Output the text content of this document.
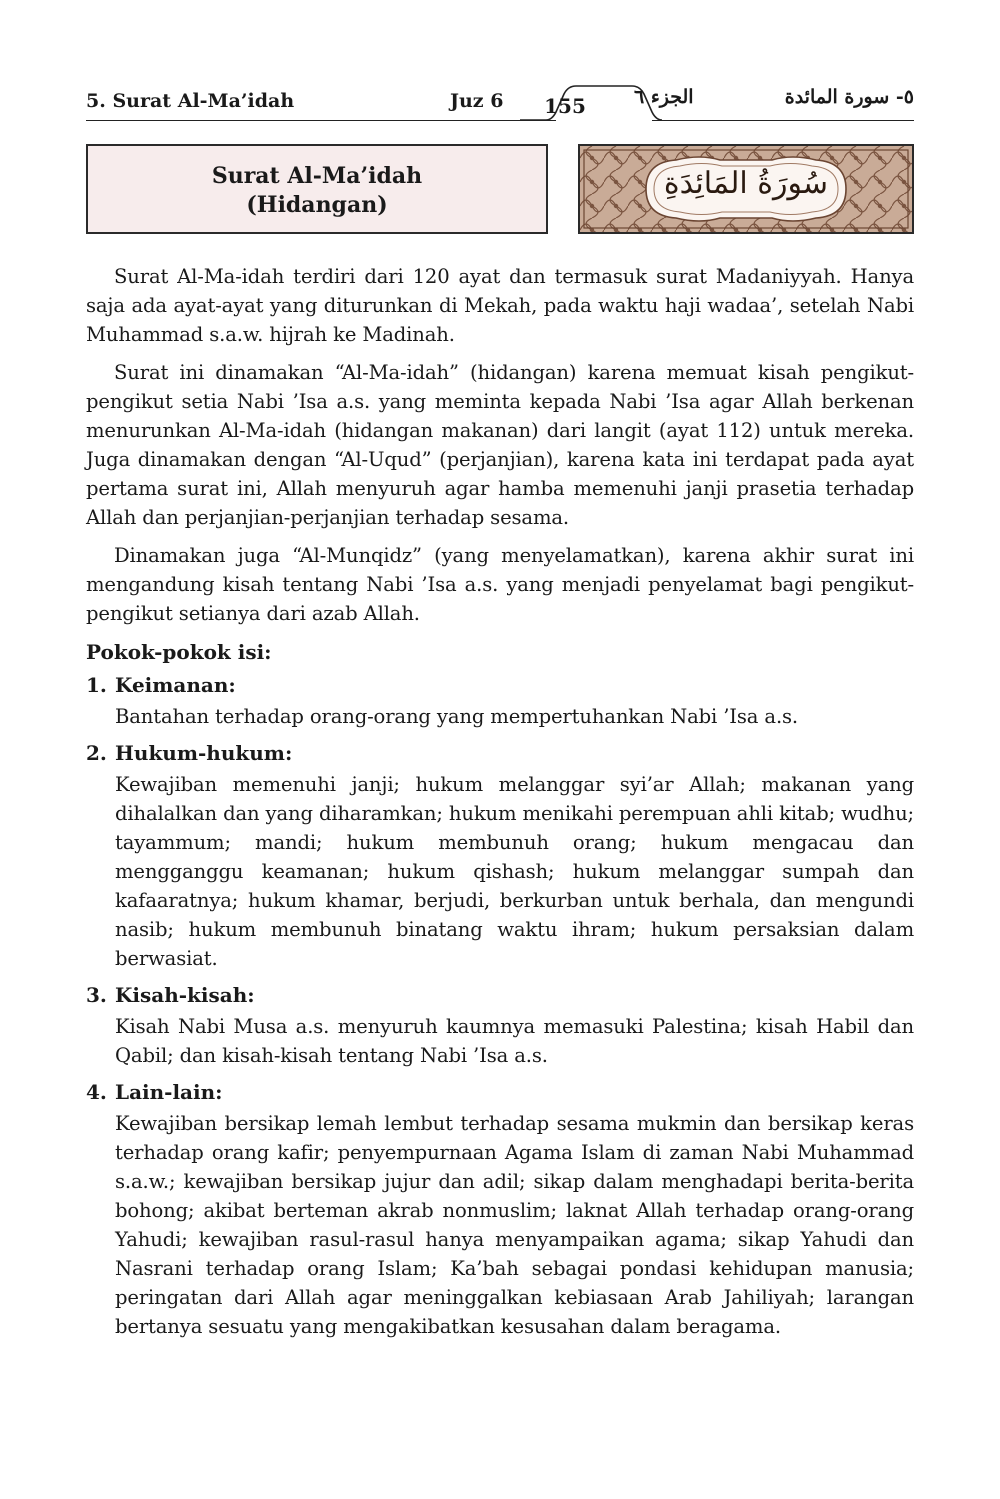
5. Surat Al-Ma’idah	Juz 6 155	الجزء ٦	٥- سورة المائدة
Surat Al-Ma’idah
(Hidangan)
سُورَةُ المَائِدَةِ

Surat Al-Ma-idah terdiri dari 120 ayat dan termasuk surat Madaniyyah. Hanya saja ada ayat-ayat yang diturunkan di Mekah, pada waktu haji wadaa’, setelah Nabi Muhammad s.a.w. hijrah ke Madinah.

Surat ini dinamakan “Al-Ma-idah” (hidangan) karena memuat kisah pengikut-pengikut setia Nabi ’Isa a.s. yang meminta kepada Nabi ’Isa agar Allah berkenan menurunkan Al-Ma-idah (hidangan makanan) dari langit (ayat 112) untuk mereka. Juga dinamakan dengan “Al-Uqud” (perjanjian), karena kata ini terdapat pada ayat pertama surat ini, Allah menyuruh agar hamba memenuhi janji prasetia terhadap Allah dan perjanjian-perjanjian terhadap sesama.

Dinamakan juga “Al-Munqidz” (yang menyelamatkan), karena akhir surat ini mengandung kisah tentang Nabi ’Isa a.s. yang menjadi penyelamat bagi pengikut-pengikut setianya dari azab Allah.

Pokok-pokok isi:
1. Keimanan:
Bantahan terhadap orang-orang yang mempertuhankan Nabi ’Isa a.s.
2. Hukum-hukum:
Kewajiban memenuhi janji; hukum melanggar syi’ar Allah; makanan yang dihalalkan dan yang diharamkan; hukum menikahi perempuan ahli kitab; wudhu; tayammum; mandi; hukum membunuh orang; hukum mengacau dan mengganggu keamanan; hukum qishash; hukum melanggar sumpah dan kafaaratnya; hukum khamar, berjudi, berkurban untuk berhala, dan mengundi nasib; hukum membunuh binatang waktu ihram; hukum persaksian dalam berwasiat.
3. Kisah-kisah:
Kisah Nabi Musa a.s. menyuruh kaumnya memasuki Palestina; kisah Habil dan Qabil; dan kisah-kisah tentang Nabi ’Isa a.s.
4. Lain-lain:
Kewajiban bersikap lemah lembut terhadap sesama mukmin dan bersikap keras terhadap orang kafir; penyempurnaan Agama Islam di zaman Nabi Muhammad s.a.w.; kewajiban bersikap jujur dan adil; sikap dalam menghadapi berita-berita bohong; akibat berteman akrab nonmuslim; laknat Allah terhadap orang-orang Yahudi; kewajiban rasul-rasul hanya menyampaikan agama; sikap Yahudi dan Nasrani terhadap orang Islam; Ka’bah sebagai pondasi kehidupan manusia; peringatan dari Allah agar meninggalkan kebiasaan Arab Jahiliyah; larangan bertanya sesuatu yang mengakibatkan kesusahan dalam beragama.
